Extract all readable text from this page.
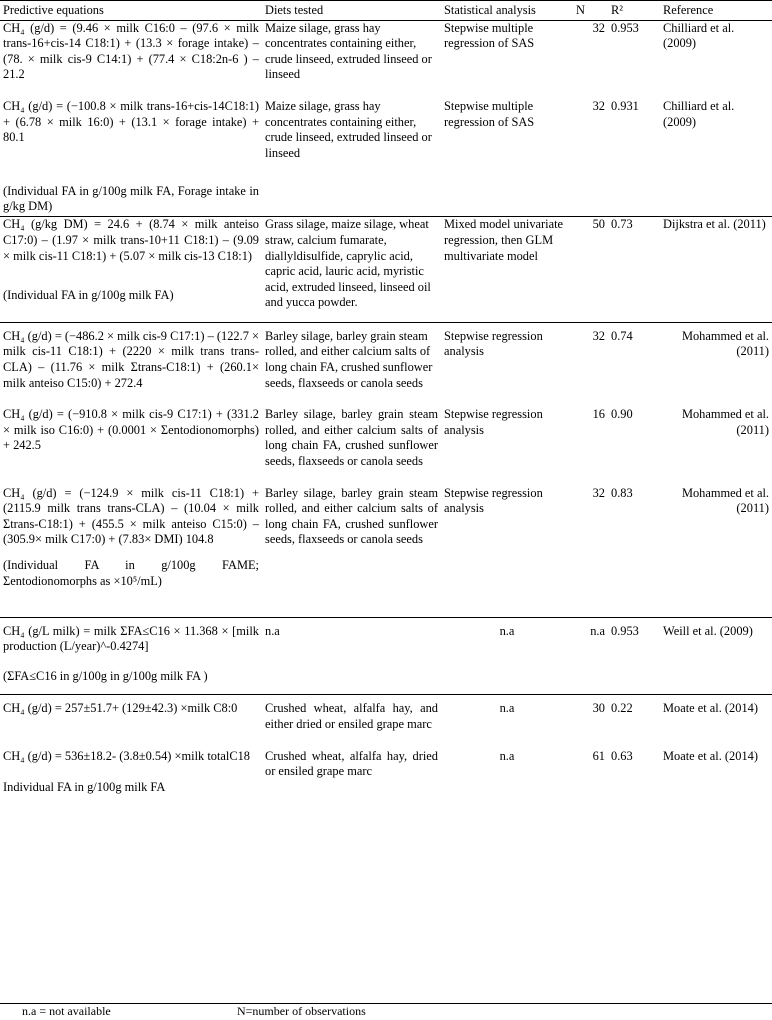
Predictive equations	Diets tested	Statistical analysis	N	R²	Reference
CH₄ (g/d) = (9.46 × milk C16:0 – (97.6 × milk trans-16+cis-14 C18:1) + (13.3 × forage intake) – (78. × milk cis-9 C14:1) + (77.4 × C18:2n-6 ) – 21.2	Maize silage, grass hay concentrates containing either, crude linseed, extruded linseed or linseed	Stepwise multiple regression of SAS	32	0.953	Chilliard et al. (2009)

CH₄ (g/d) = (−100.8 × milk trans-16+cis-14C18:1) + (6.78 × milk 16:0) + (13.1 × forage intake) + 80.1
(Individual FA in g/100g milk FA, Forage intake in g/kg DM)	Maize silage, grass hay concentrates containing either, crude linseed, extruded linseed or linseed	Stepwise multiple regression of SAS	32	0.931	Chilliard et al. (2009)

CH₄ (g/kg DM) = 24.6 + (8.74 × milk anteiso C17:0) – (1.97 × milk trans-10+11 C18:1) – (9.09 × milk cis-11 C18:1) + (5.07 × milk cis-13 C18:1)
(Individual FA in g/100g milk FA)	Grass silage, maize silage, wheat straw, calcium fumarate, diallyldisulfide, caprylic acid, capric acid, lauric acid, myristic acid, extruded linseed, linseed oil and yucca powder.	Mixed model univariate regression, then GLM multivariate model	50	0.73	Dijkstra et al. (2011)
CH₄ (g/d) = (−486.2 × milk cis-9 C17:1) – (122.7 × milk cis-11 C18:1) + (2220 × milk trans trans-CLA) – (11.76 × milk Σtrans-C18:1) + (260.1× milk anteiso C15:0) + 272.4	Barley silage, barley grain steam rolled, and either calcium salts of long chain FA, crushed sunflower seeds, flaxseeds or canola seeds	Stepwise regression analysis	32	0.74	Mohammed et al. (2011)

CH₄ (g/d) = (−910.8 × milk cis-9 C17:1) + (331.2 × milk iso C16:0) + (0.0001 × Σentodionomorphs) + 242.5	Barley silage, barley grain steam rolled, and either calcium salts of long chain FA, crushed sunflower seeds, flaxseeds or canola seeds	Stepwise regression analysis	16	0.90	Mohammed et al. (2011)

CH₄ (g/d) = (−124.9 × milk cis-11 C18:1) + (2115.9 milk trans trans-CLA) – (10.04 × milk Σtrans-C18:1) + (455.5 × milk anteiso C15:0) – (305.9× milk C17:0) + (7.83× DMI) 104.8
(Individual FA in g/100g FAME; Σentodionomorphs as ×10⁵/mL)	Barley silage, barley grain steam rolled, and either calcium salts of long chain FA, crushed sunflower seeds, flaxseeds or canola seeds	Stepwise regression analysis	32	0.83	Mohammed et al. (2011)

CH₄ (g/L milk) = milk ΣFA≤C16 × 11.368 × [milk production (L/year)^-0.4274]
(ΣFA≤C16 in g/100g in g/100g milk FA )	n.a	n.a	n.a	0.953	Weill et al. (2009)
CH₄ (g/d) = 257±51.7+ (129±42.3) ×milk C8:0	Crushed wheat, alfalfa hay, and either dried or ensiled grape marc	n.a	30	0.22	Moate et al. (2014)

CH₄ (g/d) = 536±18.2- (3.8±0.54) ×milk totalC18
Individual FA in g/100g milk FA	Crushed wheat, alfalfa hay, dried or ensiled grape marc	n.a	61	0.63	Moate et al. (2014)
n.a = not available	N=number of observations
